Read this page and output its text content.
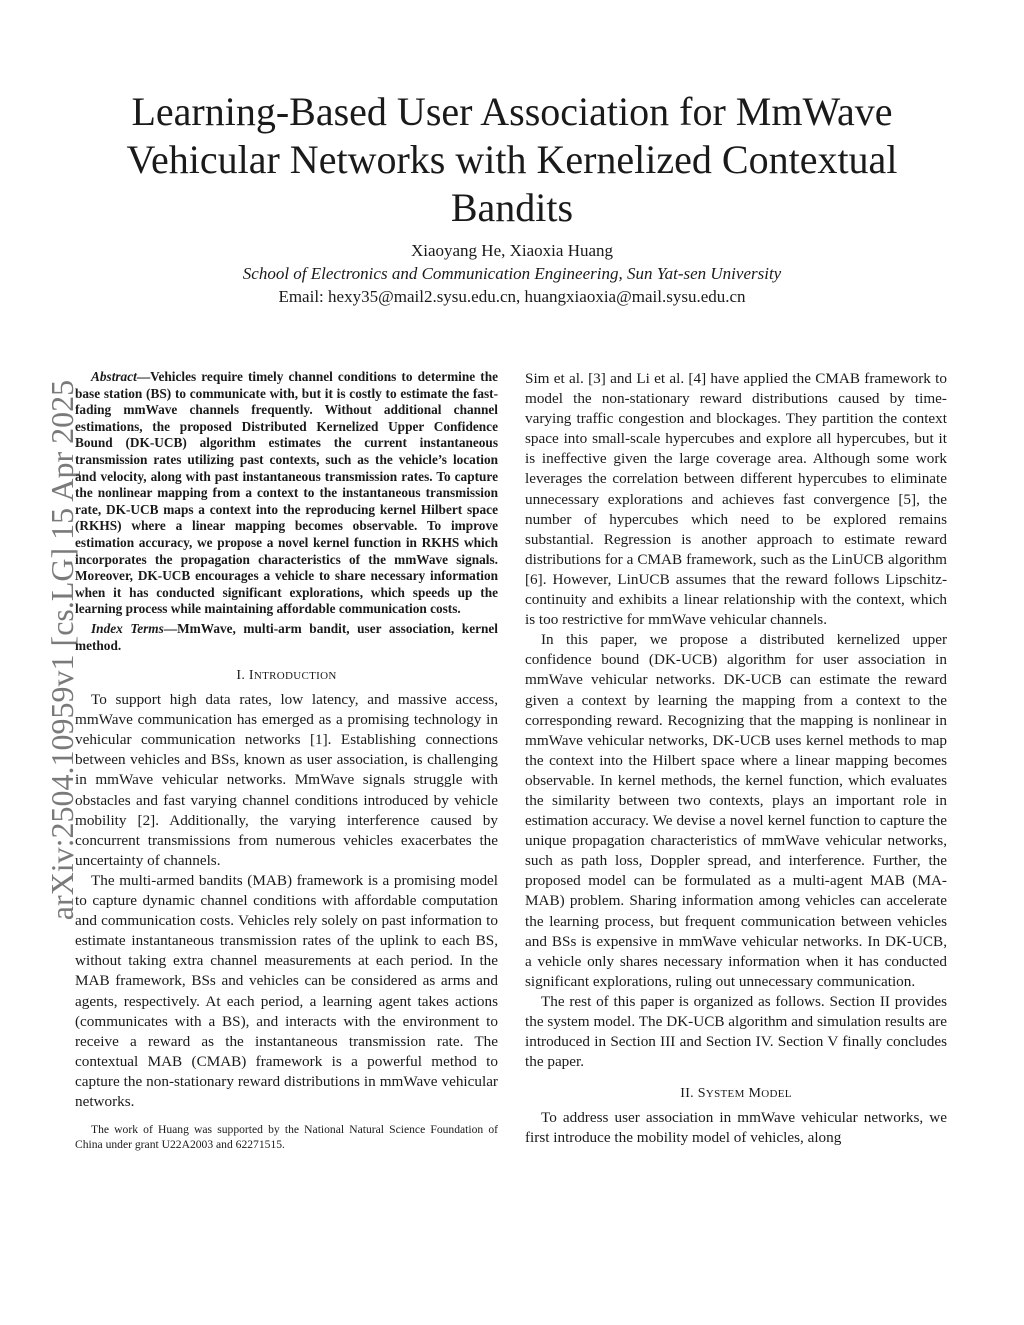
Learning-Based User Association for MmWave Vehicular Networks with Kernelized Contextual Bandits
Xiaoyang He, Xiaoxia Huang
School of Electronics and Communication Engineering, Sun Yat-sen University
Email: hexy35@mail2.sysu.edu.cn, huangxiaoxia@mail.sysu.edu.cn
arXiv:2504.10959v1 [cs.LG] 15 Apr 2025

Abstract—Vehicles require timely channel conditions to determine the base station (BS) to communicate with, but it is costly to estimate the fast-fading mmWave channels frequently. Without additional channel estimations, the proposed Distributed Kernelized Upper Confidence Bound (DK-UCB) algorithm estimates the current instantaneous transmission rates utilizing past contexts, such as the vehicle’s location and velocity, along with past instantaneous transmission rates. To capture the nonlinear mapping from a context to the instantaneous transmission rate, DK-UCB maps a context into the reproducing kernel Hilbert space (RKHS) where a linear mapping becomes observable. To improve estimation accuracy, we propose a novel kernel function in RKHS which incorporates the propagation characteristics of the mmWave signals. Moreover, DK-UCB encourages a vehicle to share necessary information when it has conducted significant explorations, which speeds up the learning process while maintaining affordable communication costs.

Index Terms—MmWave, multi-arm bandit, user association, kernel method.

I. INTRODUCTION

To support high data rates, low latency, and massive access, mmWave communication has emerged as a promising technology in vehicular communication networks [1]. Establishing connections between vehicles and BSs, known as user association, is challenging in mmWave vehicular networks. MmWave signals struggle with obstacles and fast varying channel conditions introduced by vehicle mobility [2]. Additionally, the varying interference caused by concurrent transmissions from numerous vehicles exacerbates the uncertainty of channels.

The multi-armed bandits (MAB) framework is a promising model to capture dynamic channel conditions with affordable computation and communication costs. Vehicles rely solely on past information to estimate instantaneous transmission rates of the uplink to each BS, without taking extra channel measurements at each period. In the MAB framework, BSs and vehicles can be considered as arms and agents, respectively. At each period, a learning agent takes actions (communicates with a BS), and interacts with the environment to receive a reward as the instantaneous transmission rate. The contextual MAB (CMAB) framework is a powerful method to capture the non-stationary reward distributions in mmWave vehicular networks.

The work of Huang was supported by the National Natural Science Foundation of China under grant U22A2003 and 62271515.

Sim et al. [3] and Li et al. [4] have applied the CMAB framework to model the non-stationary reward distributions caused by time-varying traffic congestion and blockages. They partition the context space into small-scale hypercubes and explore all hypercubes, but it is ineffective given the large coverage area. Although some work leverages the correlation between different hypercubes to eliminate unnecessary explorations and achieves fast convergence [5], the number of hypercubes which need to be explored remains substantial. Regression is another approach to estimate reward distributions for a CMAB framework, such as the LinUCB algorithm [6]. However, LinUCB assumes that the reward follows Lipschitz-continuity and exhibits a linear relationship with the context, which is too restrictive for mmWave vehicular channels.

In this paper, we propose a distributed kernelized upper confidence bound (DK-UCB) algorithm for user association in mmWave vehicular networks. DK-UCB can estimate the reward given a context by learning the mapping from a context to the corresponding reward. Recognizing that the mapping is nonlinear in mmWave vehicular networks, DK-UCB uses kernel methods to map the context into the Hilbert space where a linear mapping becomes observable. In kernel methods, the kernel function, which evaluates the similarity between two contexts, plays an important role in estimation accuracy. We devise a novel kernel function to capture the unique propagation characteristics of mmWave vehicular networks, such as path loss, Doppler spread, and interference. Further, the proposed model can be formulated as a multi-agent MAB (MA-MAB) problem. Sharing information among vehicles can accelerate the learning process, but frequent communication between vehicles and BSs is expensive in mmWave vehicular networks. In DK-UCB, a vehicle only shares necessary information when it has conducted significant explorations, ruling out unnecessary communication.

The rest of this paper is organized as follows. Section II provides the system model. The DK-UCB algorithm and simulation results are introduced in Section III and Section IV. Section V finally concludes the paper.

II. SYSTEM MODEL

To address user association in mmWave vehicular networks, we first introduce the mobility model of vehicles, along
